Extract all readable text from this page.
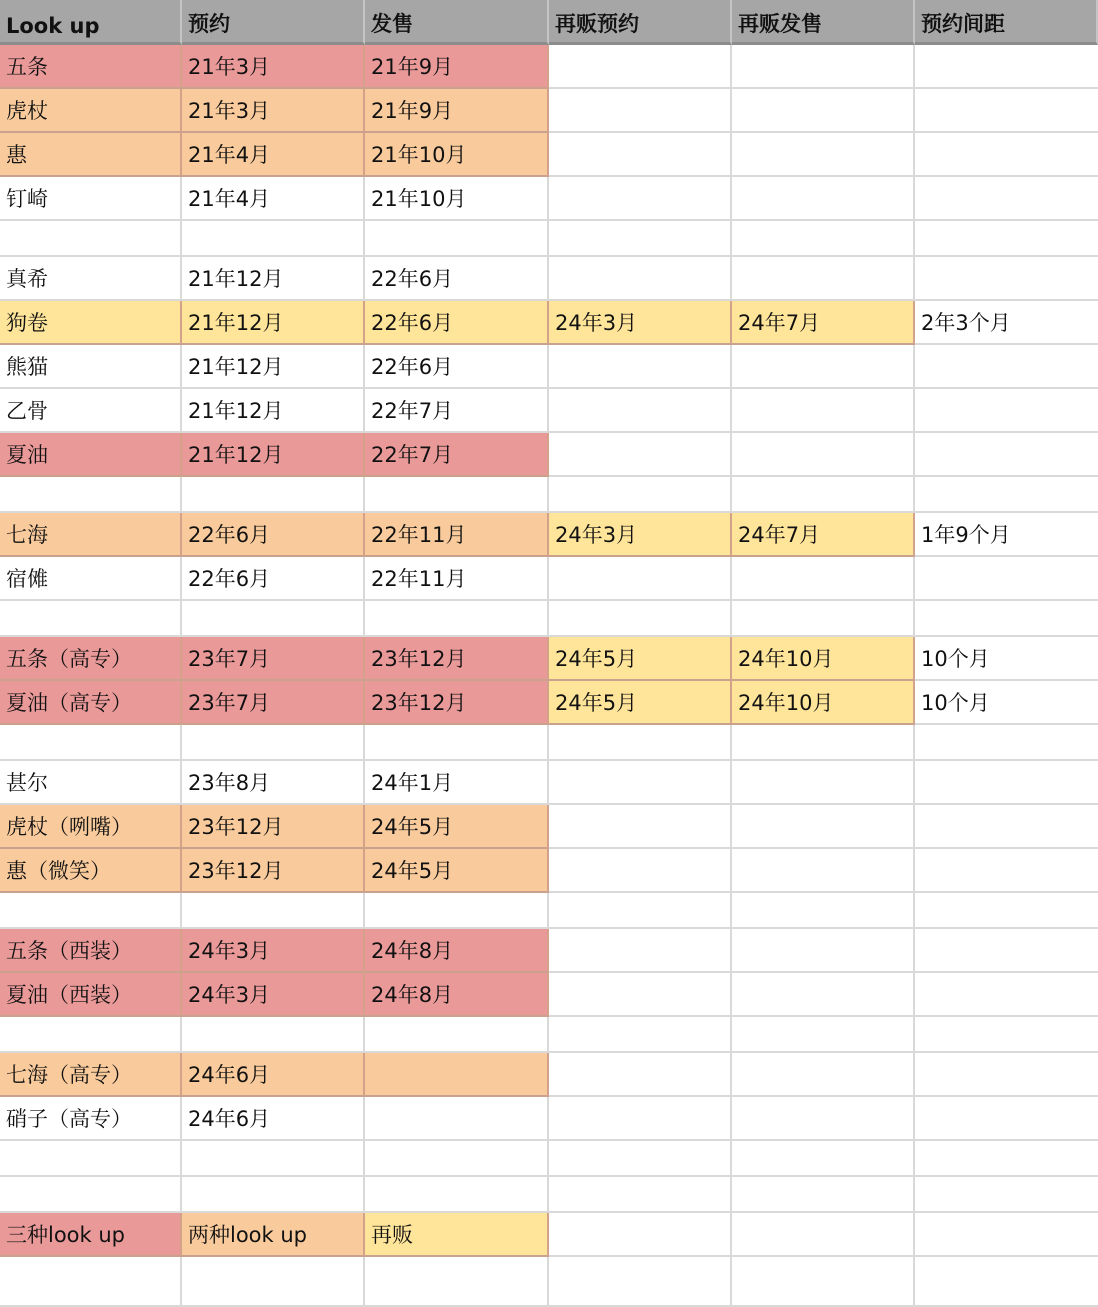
Look up	预约	发售	再贩预约	再贩发售	预约间距
五条	21年3月	21年9月
虎杖	21年3月	21年9月
惠	21年4月	21年10月
钉崎	21年4月	21年10月
真希	21年12月	22年6月
狗卷	21年12月	22年6月	24年3月	24年7月	2年3个月
熊猫	21年12月	22年6月
乙骨	21年12月	22年7月
夏油	21年12月	22年7月
七海	22年6月	22年11月	24年3月	24年7月	1年9个月
宿傩	22年6月	22年11月
五条（高专）	23年7月	23年12月	24年5月	24年10月	10个月
夏油（高专）	23年7月	23年12月	24年5月	24年10月	10个月
甚尔	23年8月	24年1月
虎杖（咧嘴）	23年12月	24年5月
惠（微笑）	23年12月	24年5月
五条（西装）	24年3月	24年8月
夏油（西装）	24年3月	24年8月
七海（高专）	24年6月
硝子（高专）	24年6月
三种look up	两种look up	再贩
